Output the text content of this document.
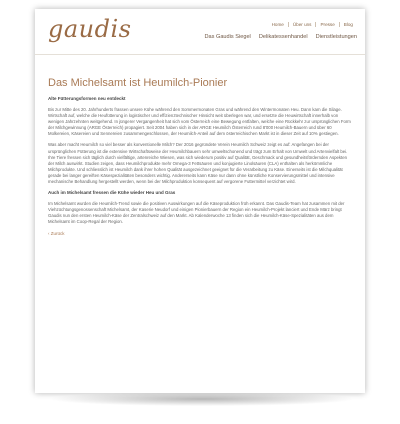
gaudis	Home	Über uns	Presse	Blog
Das Gaudis Siegel Delikatessenhandel Dienstleistungen
Das Michelsamt ist Heumilch-Pionier
Alte Fütterungsformen neu entdeckt

Bis zur Mitte des 20. Jahrhunderts frassen unsere Kühe während den Sommermonaten Gras und während den Wintermonaten Heu. Dann kam die Silage. Wirtschaft auf, welche die Heufütterung in logistischer und effizienztechnischer Hinsicht weit überlegen war, und ersetzte die Heuwirtschaft innerhalb von wenigen Jahrzehnten weitgehend. In jüngerer Vergangenheit hat sich vom Österreich eine Bewegung entfalten, welche eine Rückkehr zur ursprünglichen Form der Milchgewinnung (ARGE Österreich) propagiert. Seit 2004 haben sich in der ARGE Heumilch Österreich rund 8'000 Heumilch-Bauern und über 60 Molkereien, Käsereien und Sennereien zusammengeschlossen, der Heumilch-Anteil auf dem österreichischen Markt ist in dieser Zeit auf 10% gestiegen.

Was aber macht Heumilch so viel besser als konventionelle Milch? Der 2016 gegründete Verein Heumilch Schweiz zeigt es auf: Angefangen bei der ursprünglichen Fütterung ist die extensive Wirtschaftsweise der Heumilchbauern sehr umweltschonend und trägt zum Erhalt von Umwelt und Artenvielfalt bei. Ihre Tiere fressen sich täglich durch vielfältige, artenreiche Wiesen, was sich wiederum positiv auf Qualität, Geschmack und gesundheitsfördernden Aspekten der Milch auswirkt. Studien zeigen, dass Heumilchprodukte mehr Omega-3 Fettsäuren und konjugierte Linolsäuren (CLA) enthalten als herkömmliche Milchprodukte. Und schliesslich ist Heumilch dank ihrer hohen Qualität ausgezeichnet geeignet für die Verarbeitung zu Käse. Einerseits ist die Milchqualität gerade bei langer gereiften Käsespezialitäten besonders wichtig. Andererseits kann Käse nur dann ohne künstliche Konservierungsmittel und intensive mechanische Behandlung hergestellt werden, wenn bei der Milchproduktion konsequent auf vergorene Futtermittel verzichtet wird.

Auch im Michelsamt fressen die Kühe wieder Heu und Gras

Im Michelsamt wurden die Heumilch-Trend sowie die positiven Auswirkungen auf die Käseproduktion früh erkannt. Das Gaudis-Team hat zusammen mit der Viehzüchtungsgenossenschaft Michelsamt, der Kaserie Neudorf und einigen Pionierbauern der Region ein Heumilch-Projekt lanciert und Ende März bringt Gaudis nun den ersten Heumilch-Käse der Zentralschweiz auf den Markt. Ab Kalenderwoche 13 finden sich die Heumilch-Käse-Spezialitäten aus dem Michelsamt im Coop-Regal der Region.

‹ Zurück
